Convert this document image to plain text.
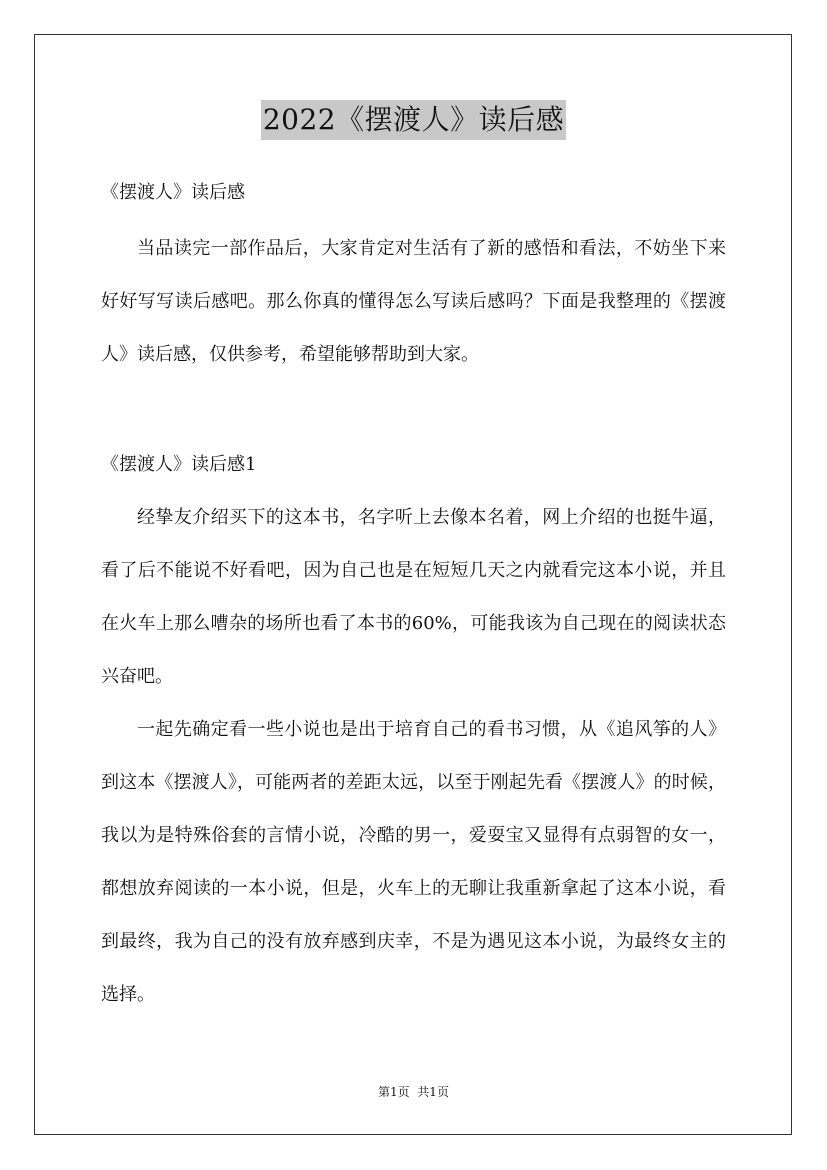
2022《摆渡人》读后感
《摆渡人》读后感

当品读完一部作品后，大家肯定对生活有了新的感悟和看法，不妨坐下来好好写写读后感吧。那么你真的懂得怎么写读后感吗？下面是我整理的《摆渡人》读后感，仅供参考，希望能够帮助到大家。

《摆渡人》读后感1

经挚友介绍买下的这本书，名字听上去像本名着，网上介绍的也挺牛逼，看了后不能说不好看吧，因为自己也是在短短几天之内就看完这本小说，并且在火车上那么嘈杂的场所也看了本书的60%，可能我该为自己现在的阅读状态兴奋吧。

一起先确定看一些小说也是出于培育自己的看书习惯，从《追风筝的人》到这本《摆渡人》，可能两者的差距太远，以至于刚起先看《摆渡人》的时候，我以为是特殊俗套的言情小说，冷酷的男一，爱耍宝又显得有点弱智的女一，都想放弃阅读的一本小说，但是，火车上的无聊让我重新拿起了这本小说，看到最终，我为自己的没有放弃感到庆幸，不是为遇见这本小说，为最终女主的选择。

第1页  共1页
